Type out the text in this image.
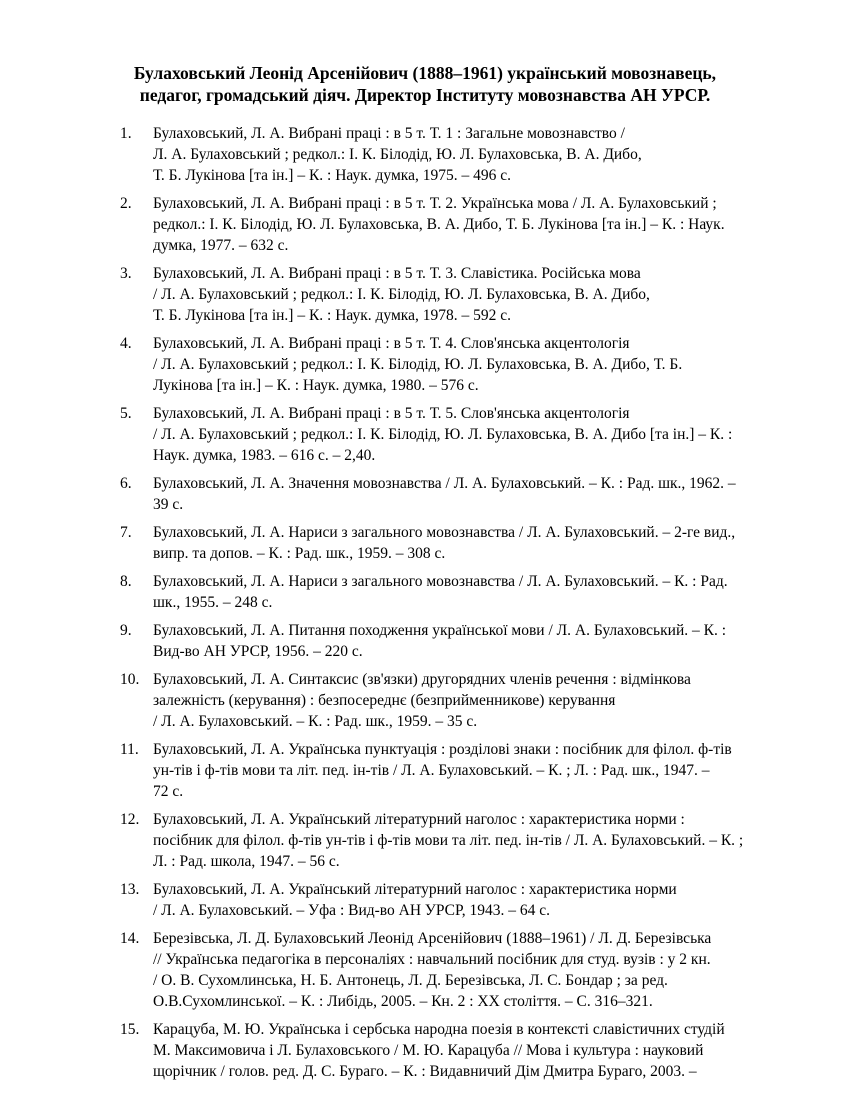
Булаховський Леонід Арсенійович (1888–1961) український мовознавець,
педагог, громадський діяч. Директор Інституту мовознавства АН УРСР.
1.	Булаховський, Л. А. Вибрані праці : в 5 т. Т. 1 : Загальне мовознавство /
Л. А. Булаховський ; редкол.: І. К. Білодід, Ю. Л. Булаховська, В. А. Дибо,
Т. Б. Лукінова [та ін.] – К. : Наук. думка, 1975. – 496 с.
2.	Булаховський, Л. А. Вибрані праці : в 5 т. Т. 2. Українська мова / Л. А. Булаховський ;
редкол.: І. К. Білодід, Ю. Л. Булаховська, В. А. Дибо, Т. Б. Лукінова [та ін.] – К. : Наук.
думка, 1977. – 632 с.
3.	Булаховський, Л. А. Вибрані праці : в 5 т. Т. 3. Славістика. Російська мова
/ Л. А. Булаховський ; редкол.: І. К. Білодід, Ю. Л. Булаховська, В. А. Дибо,
Т. Б. Лукінова [та ін.] – К. : Наук. думка, 1978. – 592 с.
4.	Булаховський, Л. А. Вибрані праці : в 5 т. Т. 4. Слов'янська акцентологія
/ Л. А. Булаховський ; редкол.: І. К. Білодід, Ю. Л. Булаховська, В. А. Дибо, Т. Б.
Лукінова [та ін.] – К. : Наук. думка, 1980. – 576 с.
5.	Булаховський, Л. А. Вибрані праці : в 5 т. Т. 5. Слов'янська акцентологія
/ Л. А. Булаховський ; редкол.: І. К. Білодід, Ю. Л. Булаховська, В. А. Дибо [та ін.] – К. :
Наук. думка, 1983. – 616 с. – 2,40.
6.	Булаховський, Л. А. Значення мовознавства / Л. А. Булаховський. – К. : Рад. шк., 1962. –
39 с.
7.	Булаховський, Л. А. Нариси з загального мовознавства / Л. А. Булаховський. – 2-ге вид.,
випр. та допов. – К. : Рад. шк., 1959. – 308 с.
8.	Булаховський, Л. А. Нариси з загального мовознавства / Л. А. Булаховський. – К. : Рад.
шк., 1955. – 248 с.
9.	Булаховський, Л. А. Питання походження української мови / Л. А. Булаховський. – К. :
Вид-во АН УРСР, 1956. – 220 с.
10. Булаховський, Л. А. Синтаксис (зв'язки) другорядних членів речення : відмінкова
залежність (керування) : безпосереднє (безприйменникове) керування
/ Л. А. Булаховський. – К. : Рад. шк., 1959. – 35 с.
11. Булаховський, Л. А. Українська пунктуація : розділові знаки : посібник для філол. ф-тів
ун-тів і ф-тів мови та літ. пед. ін-тів / Л. А. Булаховський. – К. ; Л. : Рад. шк., 1947. –
72 с.
12. Булаховський, Л. А. Український літературний наголос : характеристика норми :
посібник для філол. ф-тів ун-тів і ф-тів мови та літ. пед. ін-тів / Л. А. Булаховський. – К. ;
Л. : Рад. школа, 1947. – 56 с.
13. Булаховський, Л. А. Український літературний наголос : характеристика норми
/ Л. А. Булаховський. – Уфа : Вид-во АН УРСР, 1943. – 64 с.
14. Березівська, Л. Д. Булаховський Леонід Арсенійович (1888–1961) / Л. Д. Березівська
// Українська педагогіка в персоналіях : навчальний посібник для студ. вузів : у 2 кн.
/ О. В. Сухомлинська, Н. Б. Антонець, Л. Д. Березівська, Л. С. Бондар ; за ред.
О.В.Сухомлинської. – К. : Либідь, 2005. – Кн. 2 : XX століття. – С. 316–321.
15. Карацуба, М. Ю. Українська і сербська народна поезія в контексті славістичних студій
М. Максимовича і Л. Булаховського / М. Ю. Карацуба // Мова і культура : науковий
щорічник / голов. ред. Д. С. Бураго. – К. : Видавничий Дім Дмитра Бураго, 2003. –
